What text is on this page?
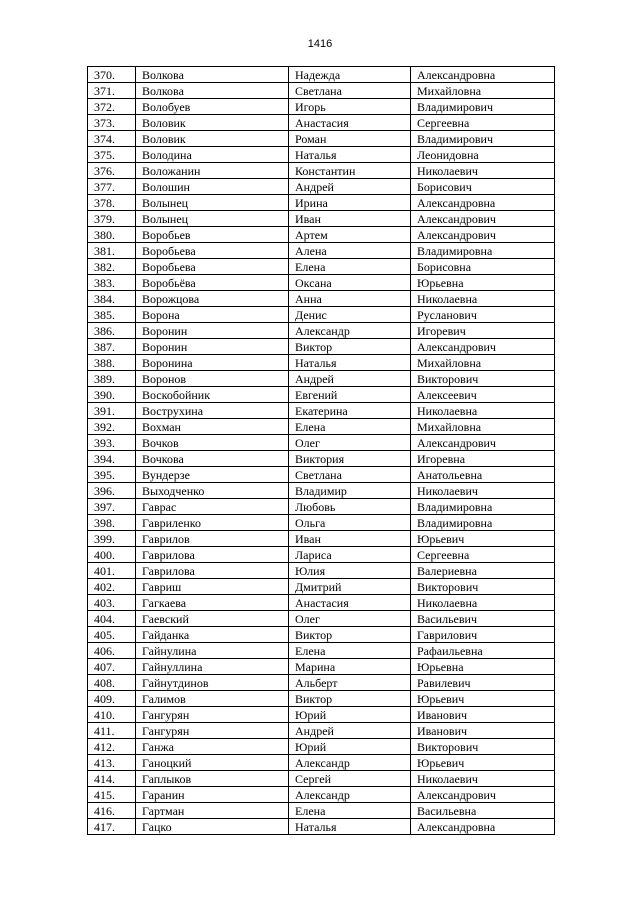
1416
370.	Волкова	Надежда	Александровна
371.	Волкова	Светлана	Михайловна
372.	Волобуев	Игорь	Владимирович
373.	Воловик	Анастасия	Сергеевна
374.	Воловик	Роман	Владимирович
375.	Володина	Наталья	Леонидовна
376.	Воложанин	Константин	Николаевич
377.	Волошин	Андрей	Борисович
378.	Волынец	Ирина	Александровна
379.	Волынец	Иван	Александрович
380.	Воробьев	Артем	Александрович
381.	Воробьева	Алена	Владимировна
382.	Воробьева	Елена	Борисовна
383.	Воробьёва	Оксана	Юрьевна
384.	Ворожцова	Анна	Николаевна
385.	Ворона	Денис	Русланович
386.	Воронин	Александр	Игоревич
387.	Воронин	Виктор	Александрович
388.	Воронина	Наталья	Михайловна
389.	Воронов	Андрей	Викторович
390.	Воскобойник	Евгений	Алексеевич
391.	Вострухина	Екатерина	Николаевна
392.	Вохман	Елена	Михайловна
393.	Вочков	Олег	Александрович
394.	Вочкова	Виктория	Игоревна
395.	Вундерзе	Светлана	Анатольевна
396.	Выходченко	Владимир	Николаевич
397.	Гаврас	Любовь	Владимировна
398.	Гавриленко	Ольга	Владимировна
399.	Гаврилов	Иван	Юрьевич
400.	Гаврилова	Лариса	Сергеевна
401.	Гаврилова	Юлия	Валериевна
402.	Гавриш	Дмитрий	Викторович
403.	Гагкаева	Анастасия	Николаевна
404.	Гаевский	Олег	Васильевич
405.	Гайданка	Виктор	Гаврилович
406.	Гайнулина	Елена	Рафаильевна
407.	Гайнуллина	Марина	Юрьевна
408.	Гайнутдинов	Альберт	Равилевич
409.	Галимов	Виктор	Юрьевич
410.	Гангурян	Юрий	Иванович
411.	Гангурян	Андрей	Иванович
412.	Ганжа	Юрий	Викторович
413.	Ганоцкий	Александр	Юрьевич
414.	Гаплыков	Сергей	Николаевич
415.	Гаранин	Александр	Александрович
416.	Гартман	Елена	Васильевна
417.	Гацко	Наталья	Александровна
